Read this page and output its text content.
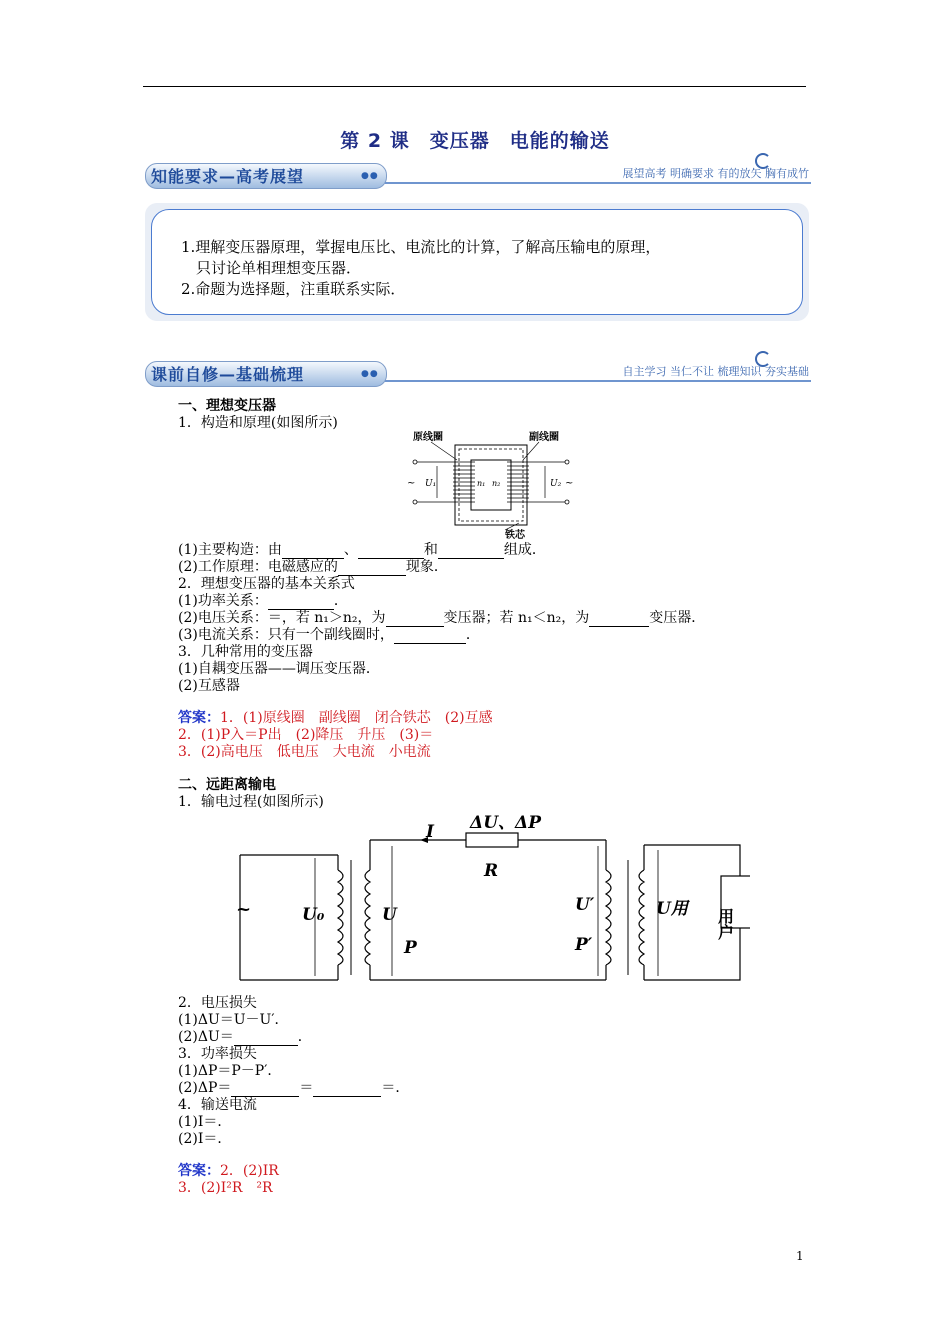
第 2 课　变压器　电能的输送
知能要求—高考展望	●●	展望高考 明确要求 有的放矢 胸有成竹
1.理解变压器原理，掌握电压比、电流比的计算，了解高压输电的原理，
　只讨论单相理想变压器．
2.命题为选择题，注重联系实际．
课前自修—基础梳理	●●	自主学习 当仁不让 梳理知识 夯实基础
一、理想变压器
1．构造和原理(如图所示)
原线圈	副线圈
铁芯
U₁	U₂
n₁ n₂
~	~
(1)主要构造：由	、	和	组成．
(2)工作原理：电磁感应的	现象．
2．理想变压器的基本关系式
(1)功率关系：	．
(2)电压关系：＝，若 n₁＞n₂，为	变压器；若 n₁＜n₂，为	变压器．
(3)电流关系：只有一个副线圈时，	．
3．几种常用的变压器
(1)自耦变压器——调压变压器．
(2)互感器
答案：1．(1)原线圈　副线圈　闭合铁芯　(2)互感
2．(1)P入＝P出　(2)降压　升压　(3)＝
3．(2)高电压　低电压　大电流　小电流
二、远距离输电
1．输电过程(如图所示)
~	U₀	U
P
I ΔU、ΔP
R
U′
P′
U用 用户
2．电压损失
(1)ΔU＝U－U′．
(2)ΔU＝	．
3．功率损失
(1)ΔP＝P－P′．
(2)ΔP＝	＝	＝．
4．输送电流
(1)I＝．
(2)I＝．
答案：2．(2)IR
3．(2)I²R　²R
1
